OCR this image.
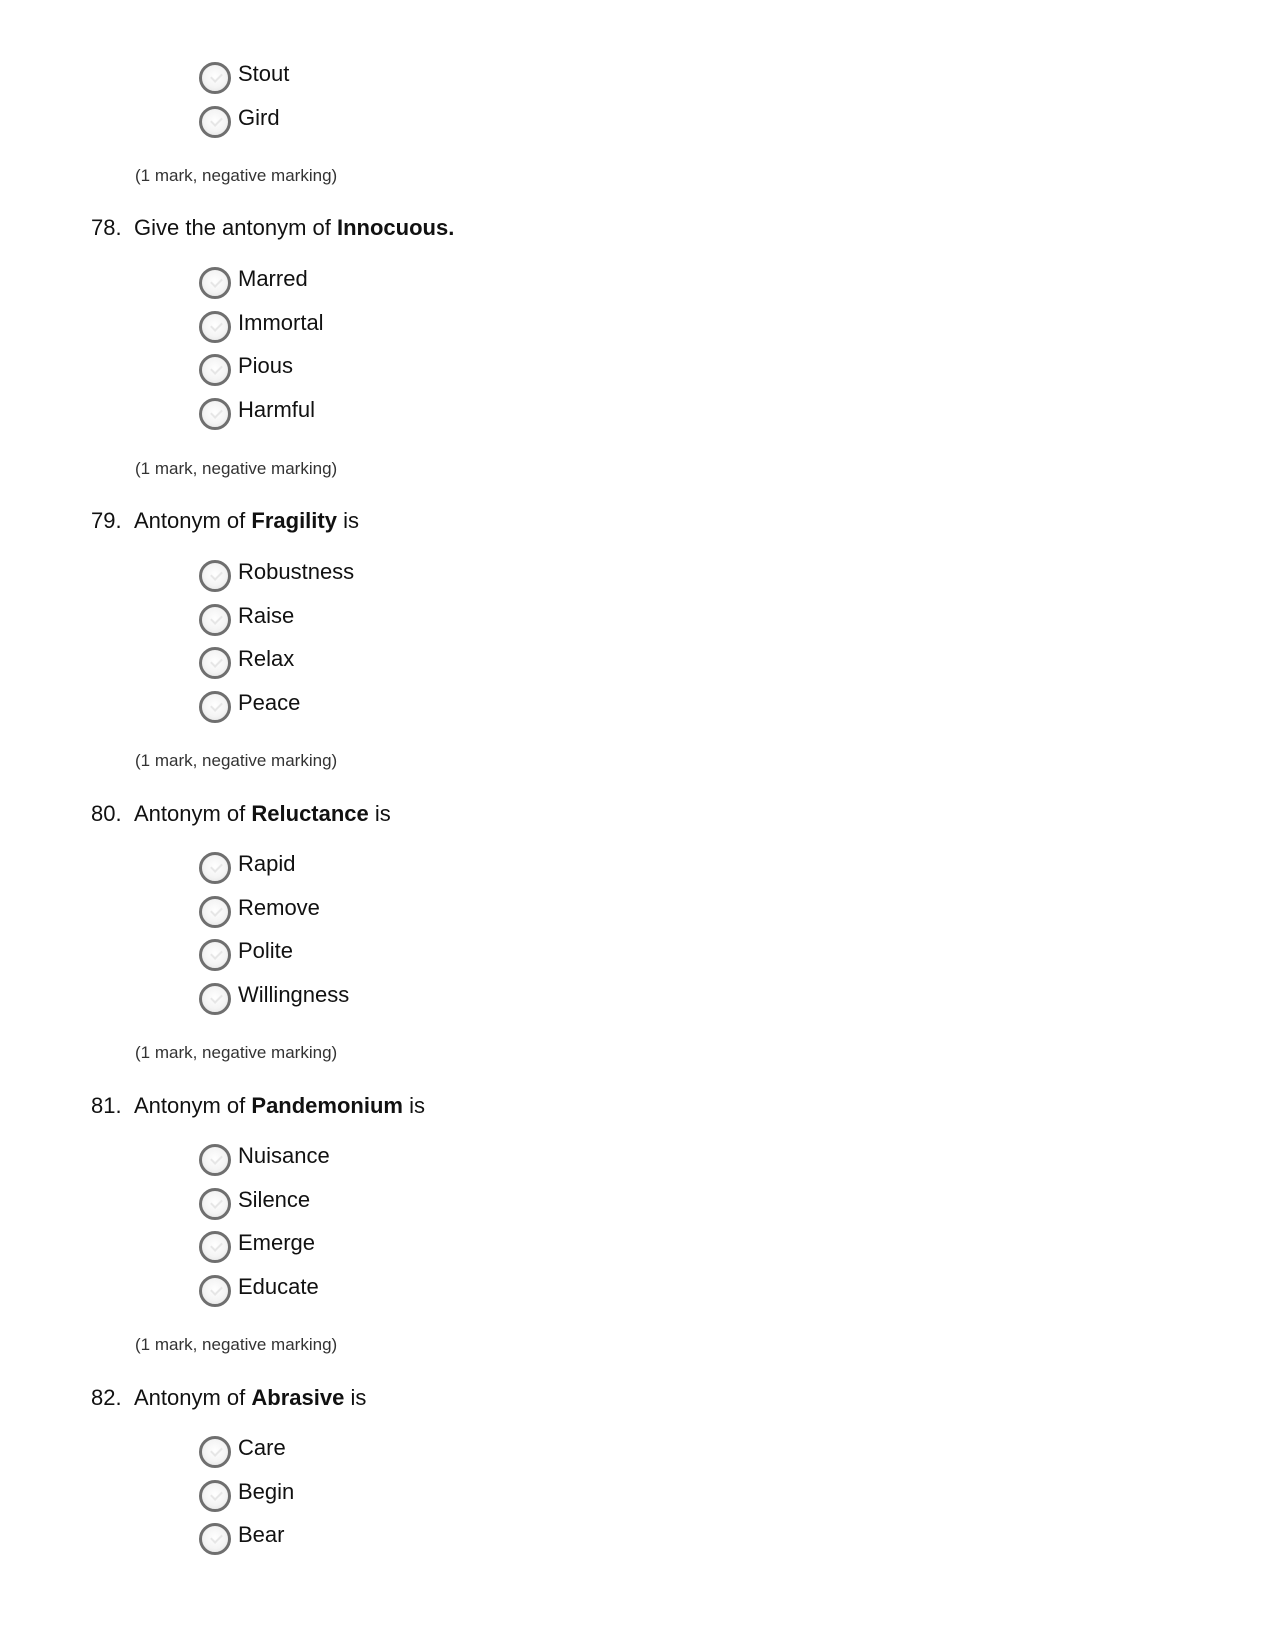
Stout
Gird
(1 mark, negative marking)
78. Give the antonym of Innocuous.
Marred
Immortal
Pious
Harmful
(1 mark, negative marking)
79. Antonym of Fragility is
Robustness
Raise
Relax
Peace
(1 mark, negative marking)
80. Antonym of Reluctance is
Rapid
Remove
Polite
Willingness
(1 mark, negative marking)
81. Antonym of Pandemonium is
Nuisance
Silence
Emerge
Educate
(1 mark, negative marking)
82. Antonym of Abrasive is
Care
Begin
Bear
